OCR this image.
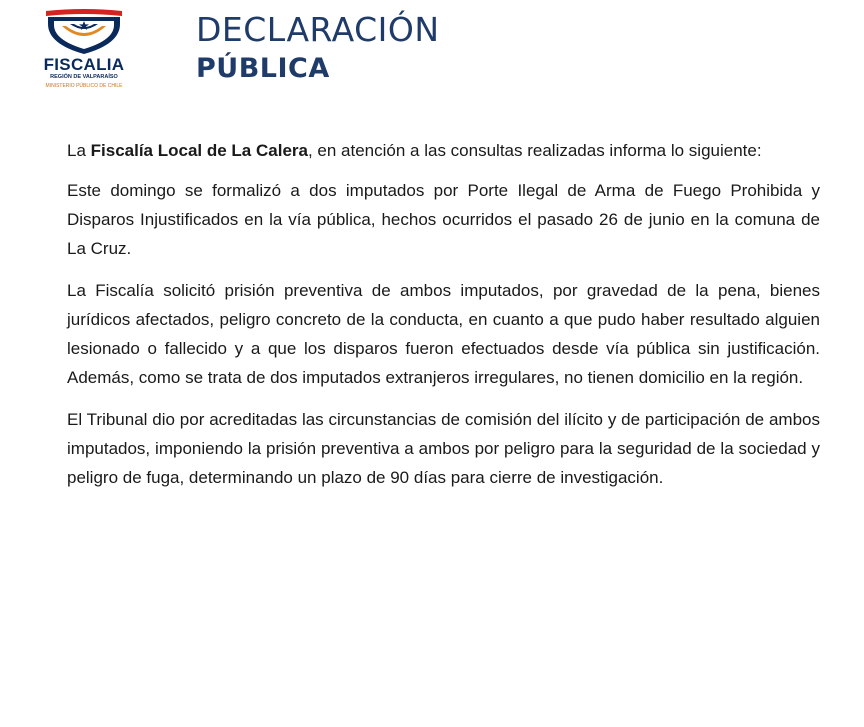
FISCALIA
REGIÓN DE VALPARAÍSO
MINISTERIO PÚBLICO DE CHILE
DECLARACIÓN
PÚBLICA

La Fiscalía Local de La Calera, en atención a las consultas realizadas informa lo siguiente:

Este domingo se formalizó a dos imputados por Porte Ilegal de Arma de Fuego Prohibida y Disparos Injustificados en la vía pública, hechos ocurridos el pasado 26 de junio en la comuna de La Cruz.

La Fiscalía solicitó prisión preventiva de ambos imputados, por gravedad de la pena, bienes jurídicos afectados, peligro concreto de la conducta, en cuanto a que pudo haber resultado alguien lesionado o fallecido y a que los disparos fueron efectuados desde vía pública sin justificación. Además, como se trata de dos imputados extranjeros irregulares, no tienen domicilio en la región.

El Tribunal dio por acreditadas las circunstancias de comisión del ilícito y de participación de ambos imputados, imponiendo la prisión preventiva a ambos por peligro para la seguridad de la sociedad y peligro de fuga, determinando un plazo de 90 días para cierre de investigación.
